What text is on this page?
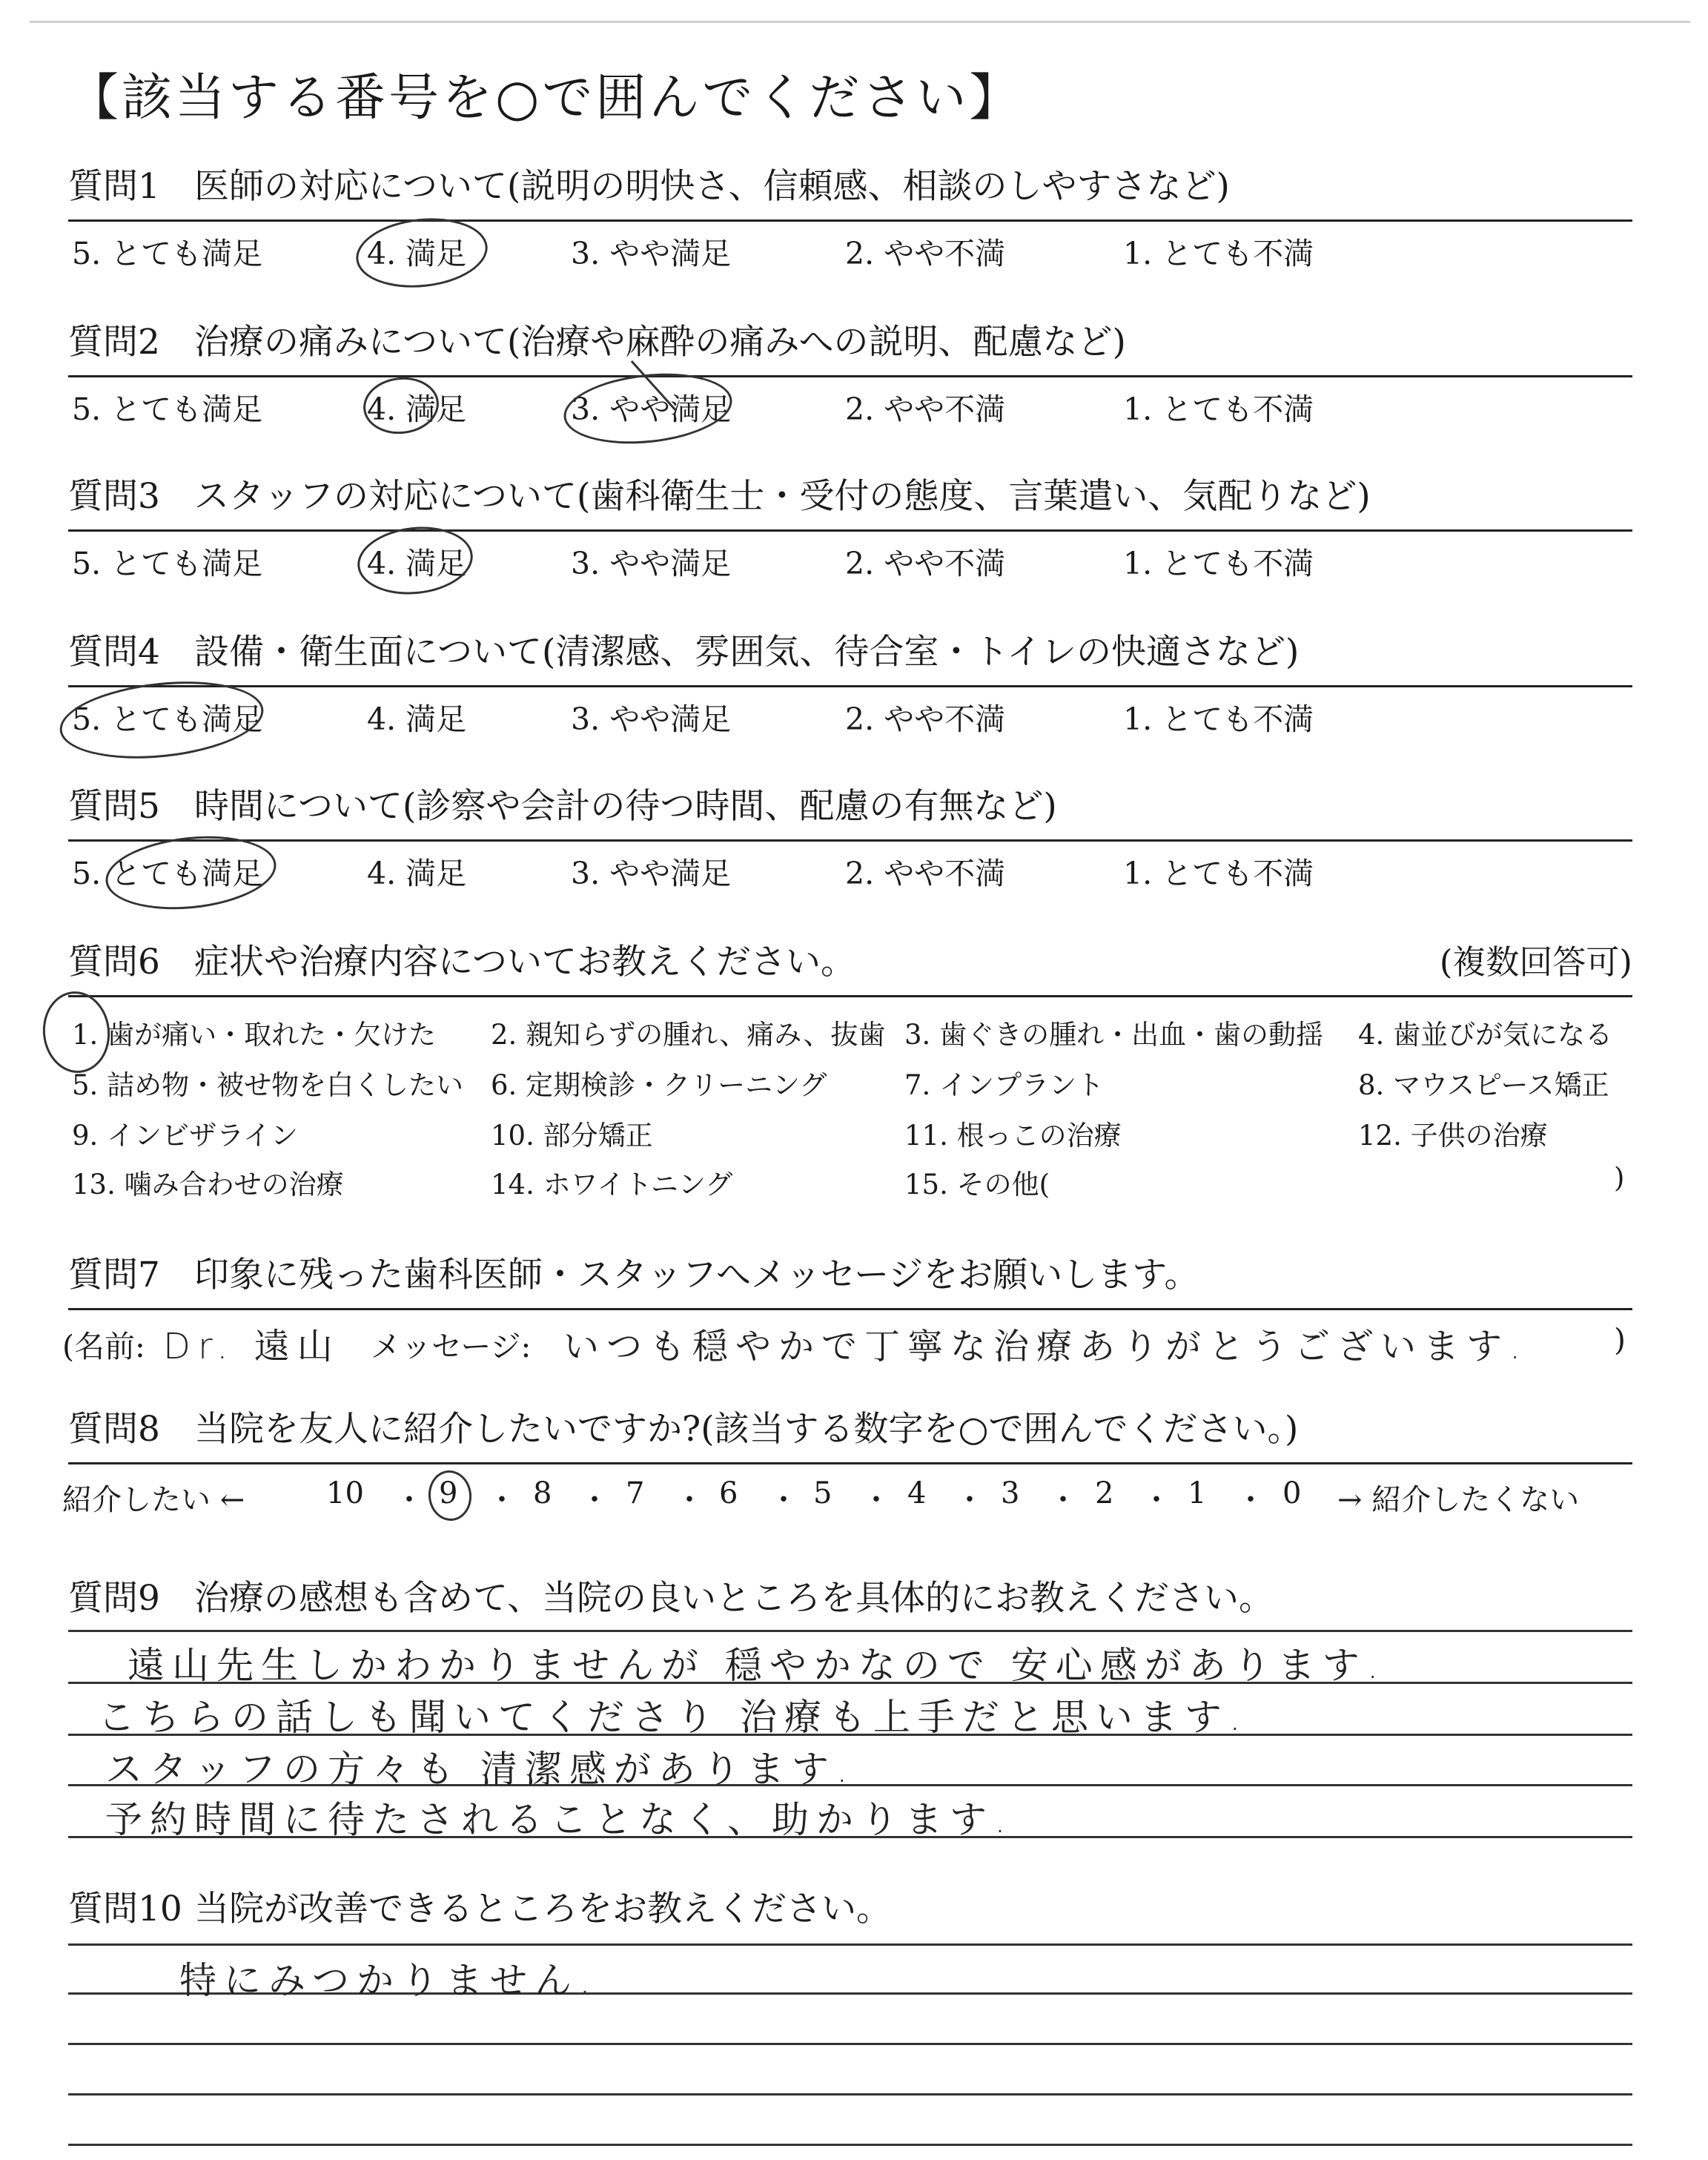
【該当する番号を○で囲んでください】
質問1 医師の対応について(説明の明快さ、信頼感、相談のしやすさなど)
5. とても満足	4. 満足	3. やや満足	2. やや不満	1. とても不満
質問2 治療の痛みについて(治療や麻酔の痛みへの説明、配慮など)
5. とても満足	4. 満足	3. やや満足	2. やや不満	1. とても不満
質問3 スタッフの対応について(歯科衛生士・受付の態度、言葉遣い、気配りなど)
5. とても満足	4. 満足	3. やや満足	2. やや不満	1. とても不満
質問4 設備・衛生面について(清潔感、雰囲気、待合室・トイレの快適さなど)
5. とても満足	4. 満足	3. やや満足	2. やや不満	1. とても不満
質問5 時間について(診察や会計の待つ時間、配慮の有無など)
5. とても満足	4. 満足	3. やや満足	2. やや不満	1. とても不満
質問6 症状や治療内容についてお教えください。	(複数回答可)
1. 歯が痛い・取れた・欠けた 2. 親知らずの腫れ、痛み、抜歯 3. 歯ぐきの腫れ・出血・歯の動揺 4. 歯並びが気になる
5. 詰め物・被せ物を白くしたい 6. 定期検診・クリーニング	7. インプラント	8. マウスピース矯正
9. インビザライン	10. 部分矯正	11. 根っこの治療	12. 子供の治療
13. 噛み合わせの治療	14. ホワイトニング	15. その他(	)
質問7 印象に残った歯科医師・スタッフへメッセージをお願いします。
(名前: Dr. 遠山 メッセージ: いつも穏やかで丁寧な治療ありがとうございます.	)
質問8 当院を友人に紹介したいですか?(該当する数字を○で囲んでください。)
紹介したい ←	10 ・ 9 ・ 8 ・ 7 ・ 6 ・ 5 ・ 4 ・ 3 ・ 2 ・ 1 ・ 0 → 紹介したくない
質問9 治療の感想も含めて、当院の良いところを具体的にお教えください。
遠山先生しかわかりませんが 穏やかなので 安心感があります.
こちらの話しも聞いてくださり 治療も上手だと思います.
スタッフの方々も 清潔感があります.
予約時間に待たされることなく、助かります.
質問10 当院が改善できるところをお教えください。
特にみつかりません.
